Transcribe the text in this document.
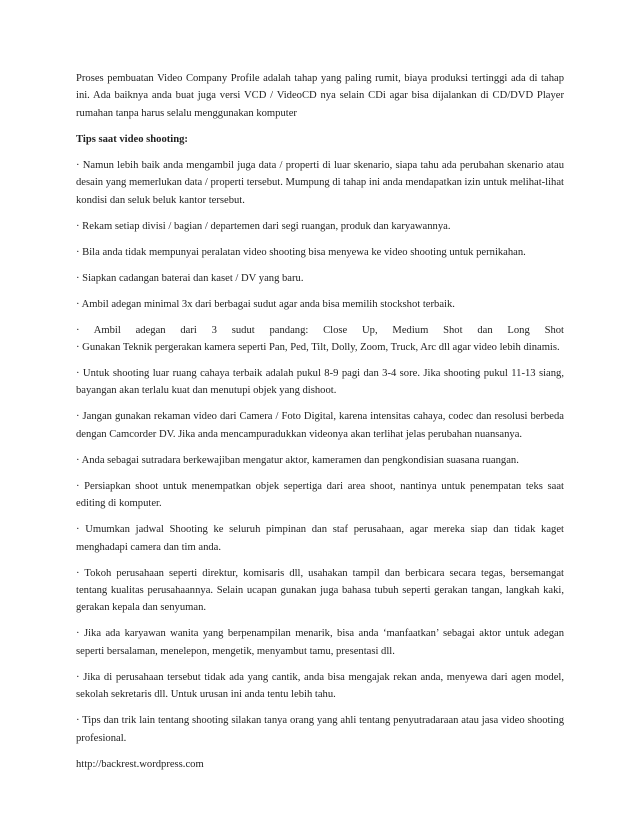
Proses pembuatan Video Company Profile adalah tahap yang paling rumit, biaya produksi tertinggi ada di tahap ini. Ada baiknya anda buat juga versi VCD / VideoCD nya selain CDi agar bisa dijalankan di CD/DVD Player rumahan tanpa harus selalu menggunakan komputer

Tips saat video shooting:

· Namun lebih baik anda mengambil juga data / properti di luar skenario, siapa tahu ada perubahan skenario atau desain yang memerlukan data / properti tersebut. Mumpung di tahap ini anda mendapatkan izin untuk melihat-lihat kondisi dan seluk beluk kantor tersebut.

· Rekam setiap divisi / bagian / departemen dari segi ruangan, produk dan karyawannya.

· Bila anda tidak mempunyai peralatan video shooting bisa menyewa ke video shooting untuk pernikahan.

· Siapkan cadangan baterai dan kaset / DV yang baru.

· Ambil adegan minimal 3x dari berbagai sudut agar anda bisa memilih stockshot terbaik.

· Ambil adegan dari 3 sudut pandang: Close Up, Medium Shot dan Long Shot

· Gunakan Teknik pergerakan kamera seperti Pan, Ped, Tilt, Dolly, Zoom, Truck, Arc dll agar video lebih dinamis.

· Untuk shooting luar ruang cahaya terbaik adalah pukul 8-9 pagi dan 3-4 sore. Jika shooting pukul 11-13 siang, bayangan akan terlalu kuat dan menutupi objek yang dishoot.

· Jangan gunakan rekaman video dari Camera / Foto Digital, karena intensitas cahaya, codec dan resolusi berbeda dengan Camcorder DV. Jika anda mencampuradukkan videonya akan terlihat jelas perubahan nuansanya.

· Anda sebagai sutradara berkewajiban mengatur aktor, kameramen dan pengkondisian suasana ruangan.

· Persiapkan shoot untuk menempatkan objek sepertiga dari area shoot, nantinya untuk penempatan teks saat editing di komputer.

· Umumkan jadwal Shooting ke seluruh pimpinan dan staf perusahaan, agar mereka siap dan tidak kaget menghadapi camera dan tim anda.

· Tokoh perusahaan seperti direktur, komisaris dll, usahakan tampil dan berbicara secara tegas, bersemangat tentang kualitas perusahaannya. Selain ucapan gunakan juga bahasa tubuh seperti gerakan tangan, langkah kaki, gerakan kepala dan senyuman.

· Jika ada karyawan wanita yang berpenampilan menarik, bisa anda ‘manfaatkan’ sebagai aktor untuk adegan seperti bersalaman, menelepon, mengetik, menyambut tamu, presentasi dll.

· Jika di perusahaan tersebut tidak ada yang cantik, anda bisa mengajak rekan anda, menyewa dari agen model, sekolah sekretaris dll. Untuk urusan ini anda tentu lebih tahu.

· Tips dan trik lain tentang shooting silakan tanya orang yang ahli tentang penyutradaraan atau jasa video shooting profesional.

http://backrest.wordpress.com
